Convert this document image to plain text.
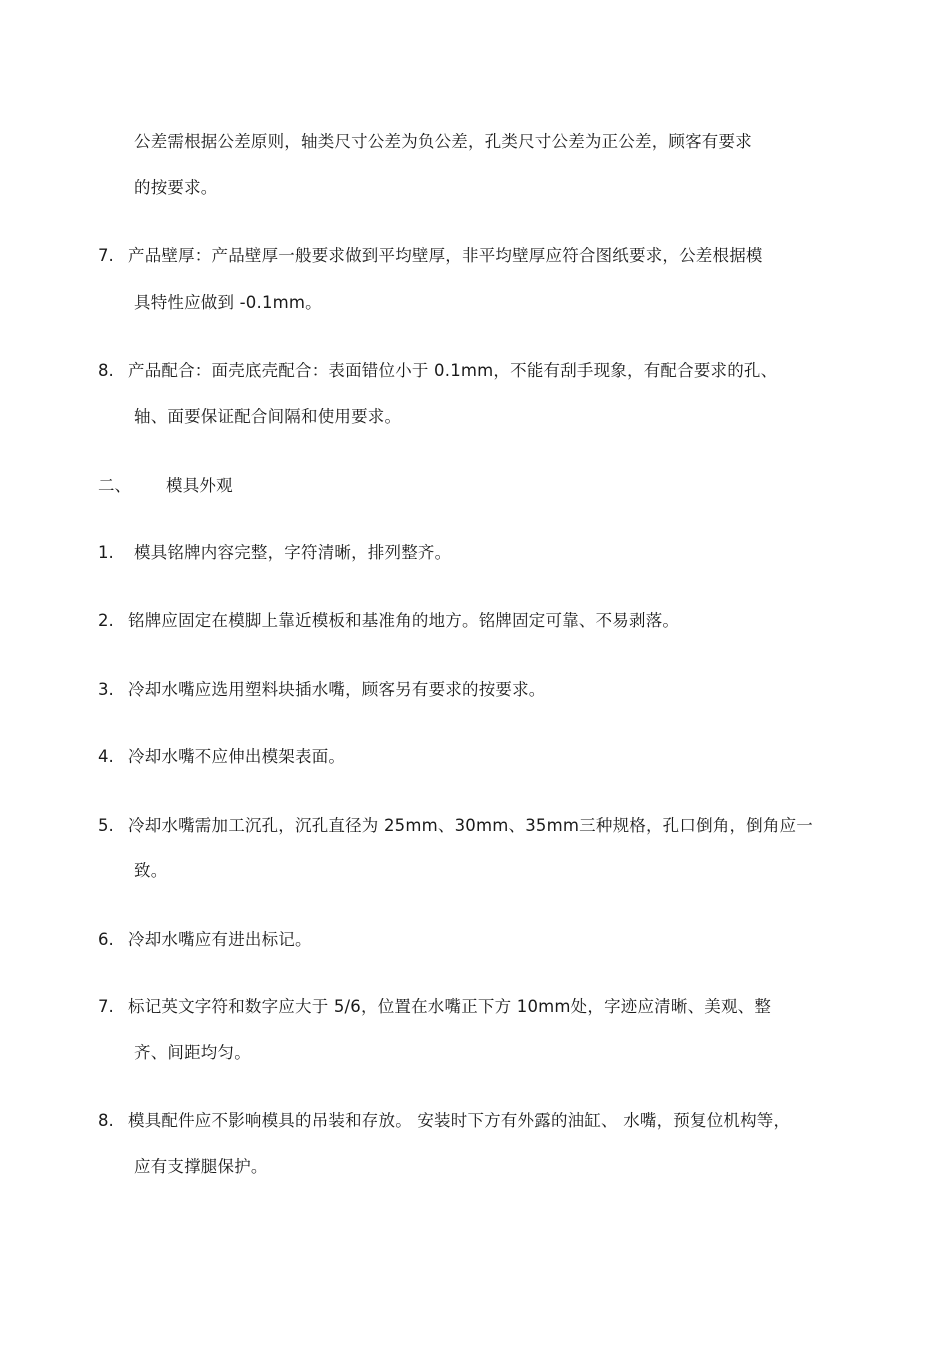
公差需根据公差原则，轴类尺寸公差为负公差，孔类尺寸公差为正公差，顾客有要求
的按要求。
7. 产品壁厚：产品壁厚一般要求做到平均壁厚，非平均壁厚应符合图纸要求，公差根据模
具特性应做到 -0.1mm。
8. 产品配合：面壳底壳配合：表面错位小于 0.1mm，不能有刮手现象，有配合要求的孔、
轴、面要保证配合间隔和使用要求。
二、 模具外观
1. 模具铭牌内容完整，字符清晰，排列整齐。
2. 铭牌应固定在模脚上靠近模板和基准角的地方。铭牌固定可靠、不易剥落。
3. 冷却水嘴应选用塑料块插水嘴，顾客另有要求的按要求。
4. 冷却水嘴不应伸出模架表面。
5. 冷却水嘴需加工沉孔，沉孔直径为 25mm、30mm、35mm三种规格，孔口倒角，倒角应一
致。
6. 冷却水嘴应有进出标记。
7. 标记英文字符和数字应大于 5/6，位置在水嘴正下方 10mm处，字迹应清晰、美观、整
齐、间距均匀。
8. 模具配件应不影响模具的吊装和存放。 安装时下方有外露的油缸、 水嘴，预复位机构等，
应有支撑腿保护。
